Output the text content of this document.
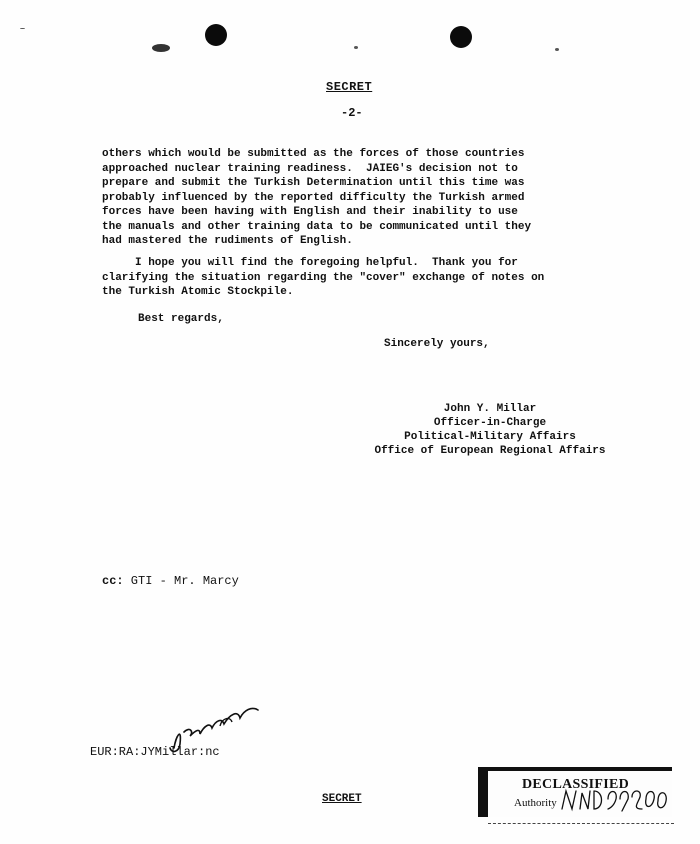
SECRET
-2-
others which would be submitted as the forces of those countries
approached nuclear training readiness.  JAIEG's decision not to
prepare and submit the Turkish Determination until this time was
probably influenced by the reported difficulty the Turkish armed
forces have been having with English and their inability to use
the manuals and other training data to be communicated until they
had mastered the rudiments of English.
I hope you will find the foregoing helpful.  Thank you for
clarifying the situation regarding the "cover" exchange of notes on
the Turkish Atomic Stockpile.
Best regards,
Sincerely yours,
John Y. Millar
Officer-in-Charge
Political-Military Affairs
Office of European Regional Affairs
cc: GTI - Mr. Marcy
EUR:RA:JYMillar:nc
SECRET
DECLASSIFIED
Authority
